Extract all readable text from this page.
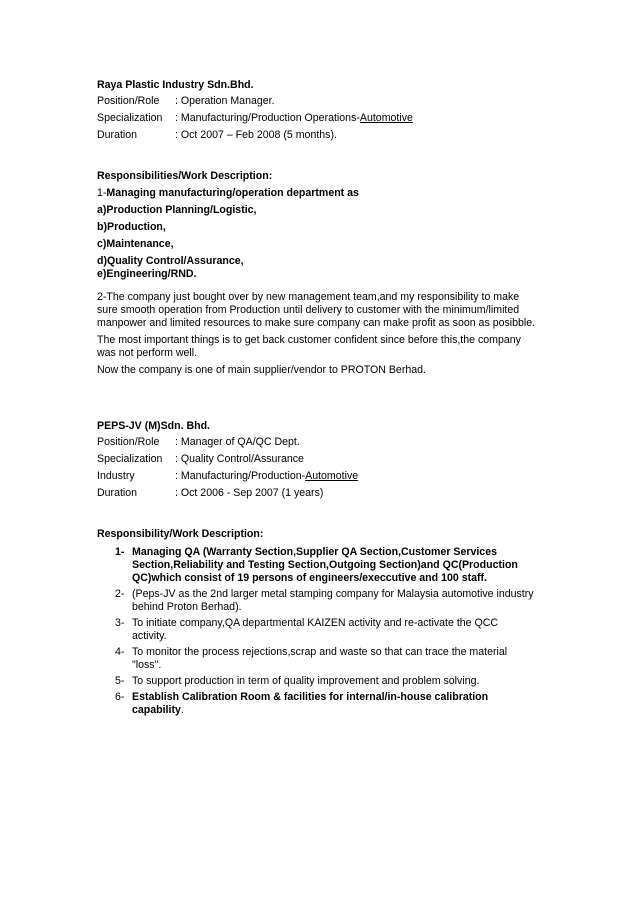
Raya Plastic Industry Sdn.Bhd.
Position/Role	: Operation Manager.
Specialization	: Manufacturing/Production Operations-Automotive
Duration	: Oct 2007 – Feb 2008 (5 months).
Responsibilities/Work Description:
1-Managing manufacturing/operation department as
a)Production Planning/Logistic,
b)Production,
c)Maintenance,
d)Quality Control/Assurance,
e)Engineering/RND.
2-The company just bought over by new management team,and my responsibility to make
sure smooth operation from Production until delivery to customer with the minimum/limited
manpower and limited resources to make sure company can make profit as soon as posibble.
The most important things is to get back customer confident since before this,the company
was not perform well.
Now the company is one of main supplier/vendor to PROTON Berhad.
PEPS-JV (M)Sdn. Bhd.
Position/Role	: Manager of QA/QC Dept.
Specialization	: Quality Control/Assurance
Industry	: Manufacturing/Production-Automotive
Duration	: Oct 2006 - Sep 2007 (1 years)
Responsibility/Work Description:
1- Managing QA (Warranty Section,Supplier QA Section,Customer Services
Section,Reliability and Testing Section,Outgoing Section)and QC(Production
QC)which consist of 19 persons of engineers/execcutive and 100 staff.
2- (Peps-JV as the 2nd larger metal stamping company for Malaysia automotive industry
behind Proton Berhad).
3- To initiate company,QA departmental KAIZEN activity and re-activate the QCC
activity.
4- To monitor the process rejections,scrap and waste so that can trace the material
"loss".
5- To support production in term of quality improvement and problem solving.
6- Establish Calibration Room & facilities for internal/in-house calibration
capability.
